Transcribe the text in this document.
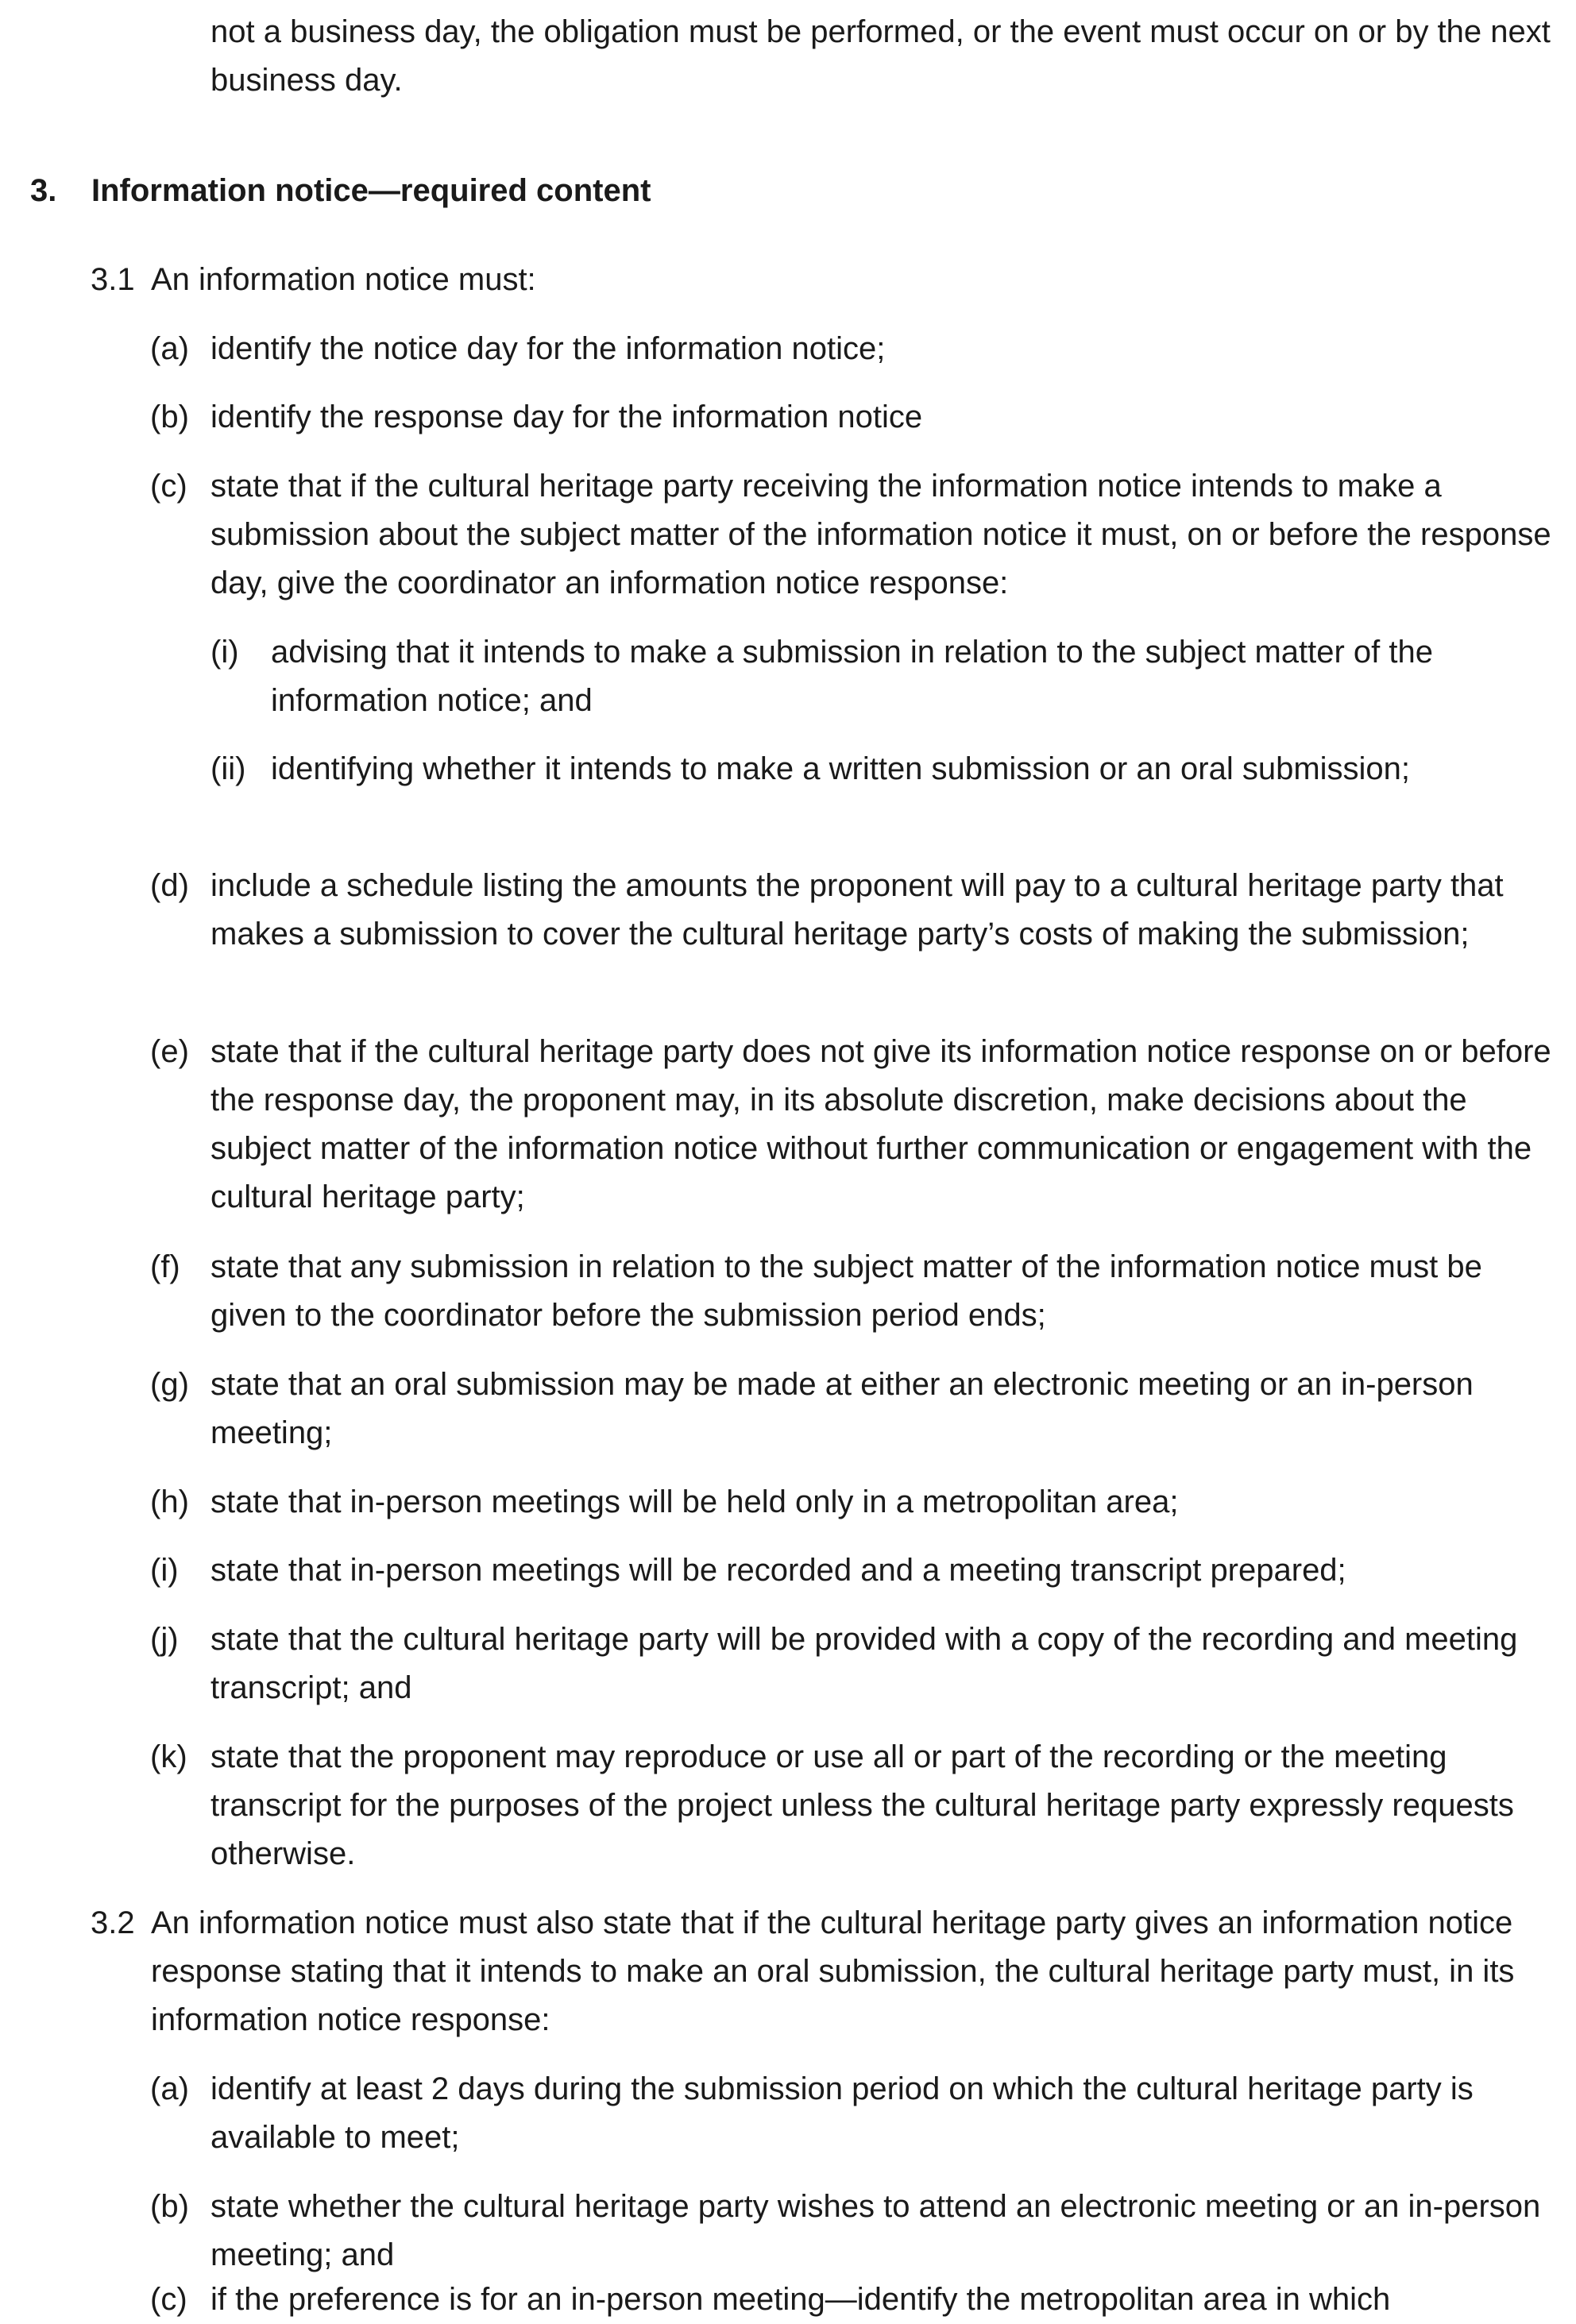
not a business day, the obligation must be performed, or the event must occur on or by the next business day.

3. Information notice—required content
3.1 An information notice must:
(a) identify the notice day for the information notice;
(b) identify the response day for the information notice
(c) state that if the cultural heritage party receiving the information notice intends to make a submission about the subject matter of the information notice it must, on or before the response day, give the coordinator an information notice response:
(i) advising that it intends to make a submission in relation to the subject matter of the information notice; and
(ii) identifying whether it intends to make a written submission or an oral submission;
(d) include a schedule listing the amounts the proponent will pay to a cultural heritage party that makes a submission to cover the cultural heritage party’s costs of making the submission;
(e) state that if the cultural heritage party does not give its information notice response on or before the response day, the proponent may, in its absolute discretion, make decisions about the subject matter of the information notice without further communication or engagement with the cultural heritage party;
(f) state that any submission in relation to the subject matter of the information notice must be given to the coordinator before the submission period ends;
(g) state that an oral submission may be made at either an electronic meeting or an in-person meeting;
(h) state that in-person meetings will be held only in a metropolitan area;
(i) state that in-person meetings will be recorded and a meeting transcript prepared;
(j) state that the cultural heritage party will be provided with a copy of the recording and meeting transcript; and
(k) state that the proponent may reproduce or use all or part of the recording or the meeting transcript for the purposes of the project unless the cultural heritage party expressly requests otherwise.
3.2 An information notice must also state that if the cultural heritage party gives an information notice response stating that it intends to make an oral submission, the cultural heritage party must, in its information notice response:
(a) identify at least 2 days during the submission period on which the cultural heritage party is available to meet;
(b) state whether the cultural heritage party wishes to attend an electronic meeting or an in-person meeting; and
(c) if the preference is for an in-person meeting—identify the metropolitan area in which
